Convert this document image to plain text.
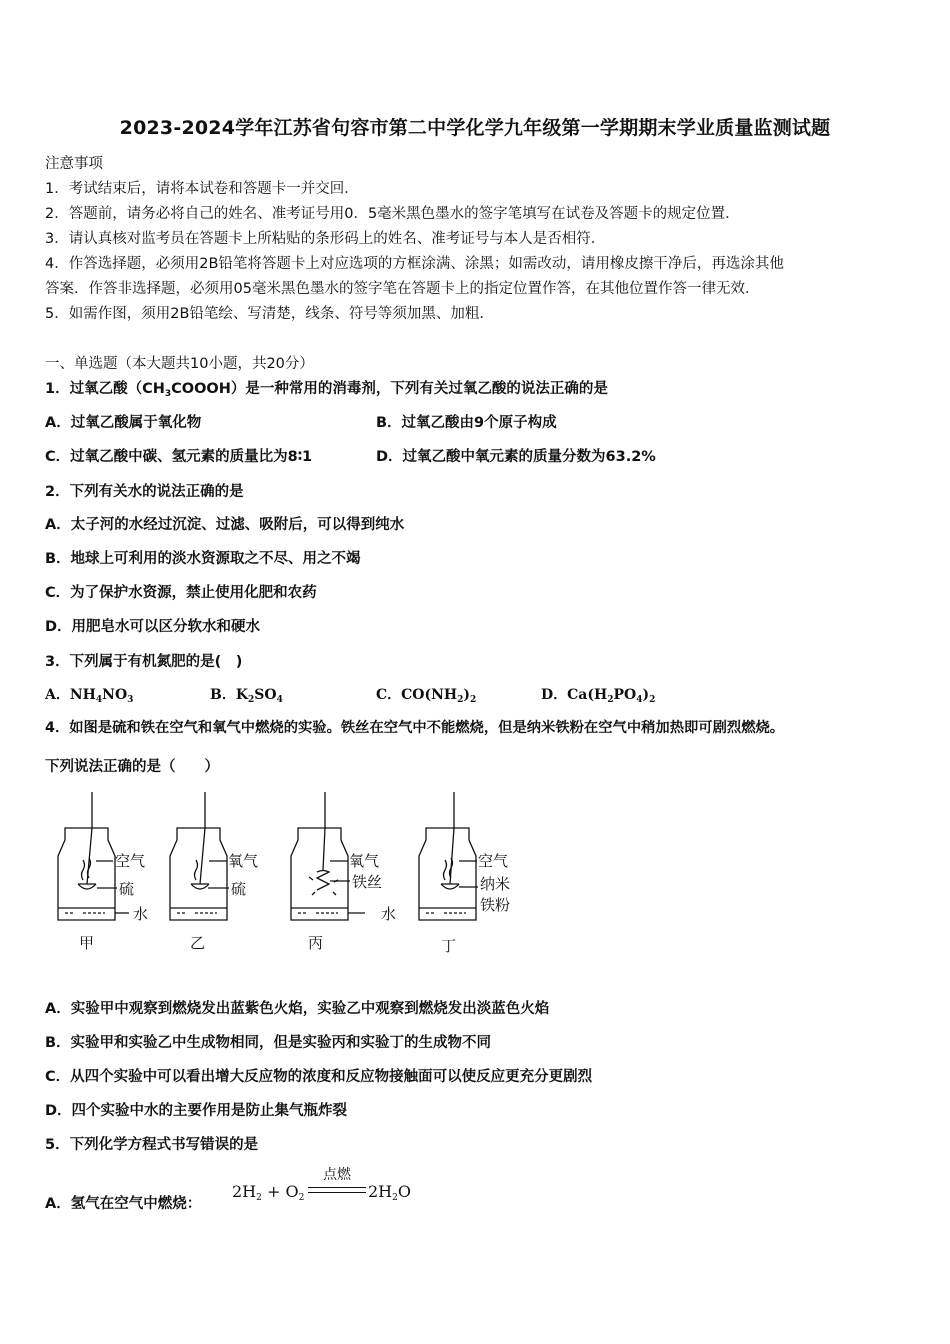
2023-2024学年江苏省句容市第二中学化学九年级第一学期期末学业质量监测试题
注意事项
1．考试结束后，请将本试卷和答题卡一并交回．
2．答题前，请务必将自己的姓名、准考证号用0．5毫米黑色墨水的签字笔填写在试卷及答题卡的规定位置．
3．请认真核对监考员在答题卡上所粘贴的条形码上的姓名、准考证号与本人是否相符．
4．作答选择题，必须用2B铅笔将答题卡上对应选项的方框涂满、涂黑；如需改动，请用橡皮擦干净后，再选涂其他
答案．作答非选择题，必须用05毫米黑色墨水的签字笔在答题卡上的指定位置作答，在其他位置作答一律无效．
5．如需作图，须用2B铅笔绘、写清楚，线条、符号等须加黑、加粗．
一、单选题（本大题共10小题，共20分）
1．过氧乙酸$(CH_3COOOH)$是一种常用的消毒剂，下列有关过氧乙酸的说法正确的是
A．过氧乙酸属于氧化物	B．过氧乙酸由9个原子构成
C．过氧乙酸中碳、氢元素的质量比为8∶1	D．过氧乙酸中氧元素的质量分数为63.2%
2．下列有关水的说法正确的是
A．太子河的水经过沉淀、过滤、吸附后，可以得到纯水
B．地球上可利用的淡水资源取之不尽、用之不竭
C．为了保护水资源，禁止使用化肥和农药
D．用肥皂水可以区分软水和硬水
3．下列属于有机氮肥的是(　)
A．$NH_4NO_3$	B．$K_2SO_4$	C．$CO(NH_2)_2$	D．$Ca(H_2PO_4)_2$
4．如图是硫和铁在空气和氧气中燃烧的实验。铁丝在空气中不能燃烧，但是纳米铁粉在空气中稍加热即可剧烈燃烧。
下列说法正确的是（　　）
空气
硫
水
氧气
硫
氧气
铁丝
水
空气
纳米
铁粉
甲	乙	丙	丁
A．实验甲中观察到燃烧发出蓝紫色火焰，实验乙中观察到燃烧发出淡蓝色火焰
B．实验甲和实验乙中生成物相同，但是实验丙和实验丁的生成物不同
C．从四个实验中可以看出增大反应物的浓度和反应物接触面可以使反应更充分更剧烈
D．四个实验中水的主要作用是防止集气瓶炸裂
5．下列化学方程式书写错误的是
A．氢气在空气中燃烧：
$2H_2 + O_2$
点燃
$2H_2O$
